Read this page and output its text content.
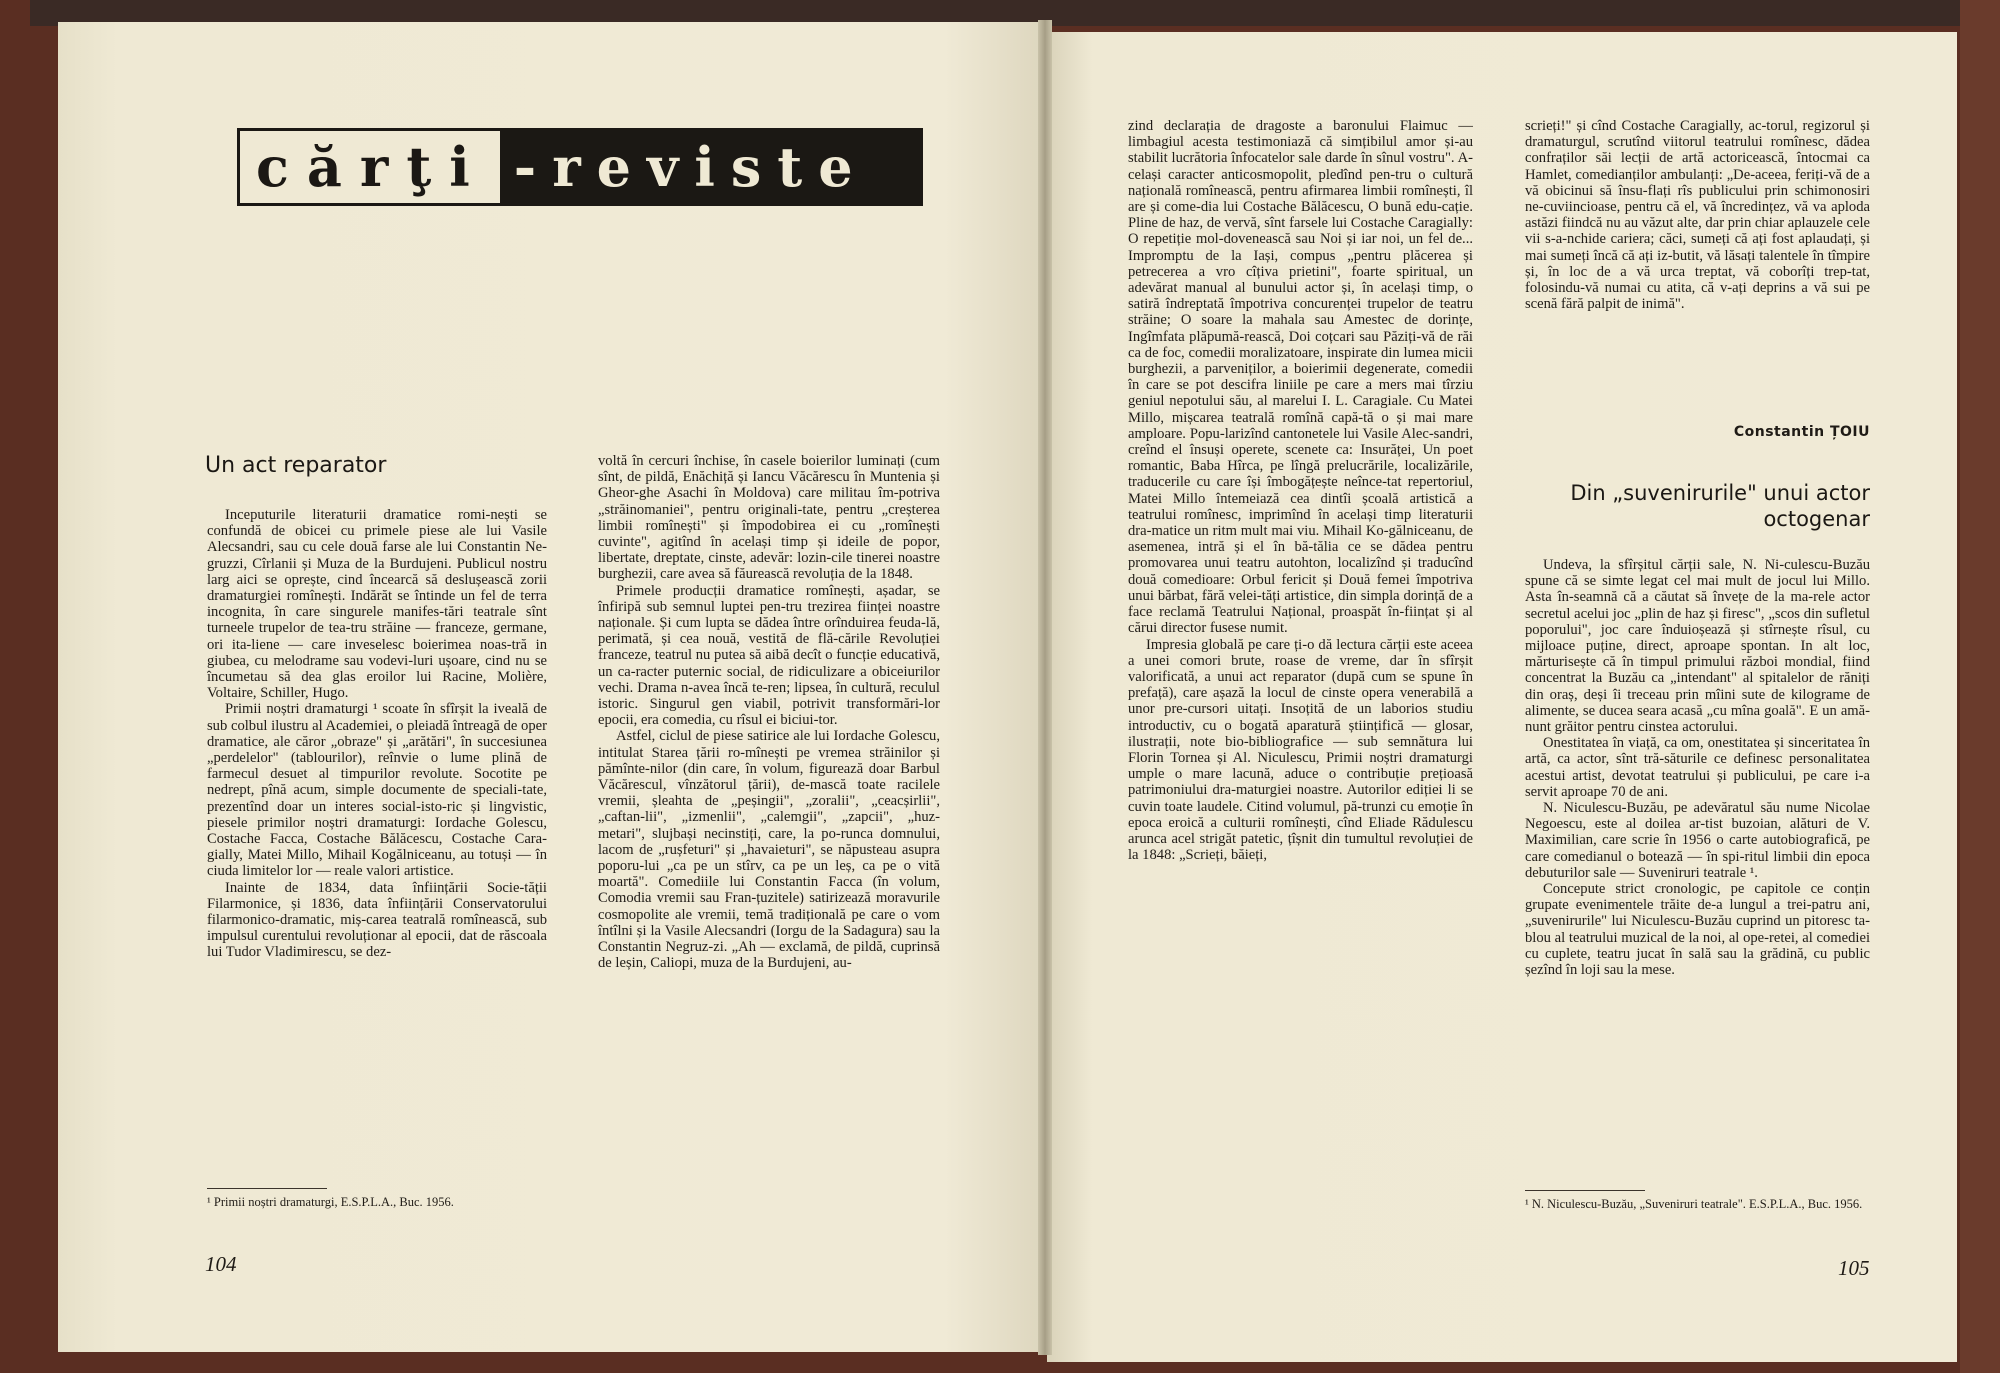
cărţi -reviste
Un act reparator

Inceputurile literaturii dramatice romi-nești se confundă de obicei cu primele piese ale lui Vasile Alecsandri, sau cu cele două farse ale lui Constantin Ne-gruzzi, Cîrlanii și Muza de la Burdujeni. Publicul nostru larg aici se oprește, cind încearcă să deslușească zorii dramaturgiei romînești. Indărăt se întinde un fel de terra incognita, în care singurele manifes-tări teatrale sînt turneele trupelor de tea-tru străine — franceze, germane, ori ita-liene — care inveselesc boierimea noas-tră in giubea, cu melodrame sau vodevi-luri ușoare, cind nu se încumetau să dea glas eroilor lui Racine, Molière, Voltaire, Schiller, Hugo.

Primii noștri dramaturgi ¹ scoate în sfîrșit la iveală de sub colbul ilustru al Academiei, o pleiadă întreagă de oper dramatice, ale căror „obraze" și „arătări", în succesiunea „perdelelor" (tablourilor), reînvie o lume plină de farmecul desuet al timpurilor revolute. Socotite pe nedrept, pînă acum, simple documente de speciali-tate, prezentînd doar un interes social-isto-ric și lingvistic, piesele primilor noștri dramaturgi: Iordache Golescu, Costache Facca, Costache Bălăcescu, Costache Cara-gially, Matei Millo, Mihail Kogălniceanu, au totuși — în ciuda limitelor lor — reale valori artistice.

Inainte de 1834, data înființării Socie-tății Filarmonice, și 1836, data înființării Conservatorului filarmonico-dramatic, miș-carea teatrală romînească, sub impulsul curentului revoluționar al epocii, dat de răscoala lui Tudor Vladimirescu, se dez-

¹ Primii noștri dramaturgi, E.S.P.L.A., Buc. 1956.

voltă în cercuri închise, în casele boierilor luminați (cum sînt, de pildă, Enăchiță și Iancu Văcărescu în Muntenia și Gheor-ghe Asachi în Moldova) care militau îm-potriva „străinomaniei", pentru originali-tate, pentru „creșterea limbii romînești" și împodobirea ei cu „romînești cuvinte", agitînd în același timp și ideile de popor, libertate, dreptate, cinste, adevăr: lozin-cile tinerei noastre burghezii, care avea să făurească revoluția de la 1848.

Primele producții dramatice romînești, așadar, se înfiripă sub semnul luptei pen-tru trezirea ființei noastre naționale. Și cum lupta se dădea între orînduirea feuda-lă, perimată, și cea nouă, vestită de flă-cările Revoluției franceze, teatrul nu putea să aibă decît o funcție educativă, un ca-racter puternic social, de ridiculizare a obiceiurilor vechi. Drama n-avea încă te-ren; lipsea, în cultură, reculul istoric. Singurul gen viabil, potrivit transformări-lor epocii, era comedia, cu rîsul ei biciui-tor.

Astfel, ciclul de piese satirice ale lui Iordache Golescu, intitulat Starea țării ro-mînești pe vremea străinilor și pămînte-nilor (din care, în volum, figurează doar Barbul Văcărescul, vînzătorul țării), de-mască toate racilele vremii, șleahta de „peșingii", „zoralii", „ceacșirlii", „caftan-lii", „izmenlii", „calemgii", „zapcii", „huz-metari", slujbași necinstiți, care, la po-runca domnului, lacom de „rușfeturi" și „havaieturi", se năpusteau asupra poporu-lui „ca pe un stîrv, ca pe un leș, ca pe o vită moartă". Comediile lui Constantin Facca (în volum, Comodia vremii sau Fran-țuzitele) satirizează moravurile cosmopolite ale vremii, temă tradițională pe care o vom întîlni și la Vasile Alecsandri (Iorgu de la Sadagura) sau la Constantin Negruz-zi. „Ah — exclamă, de pildă, cuprinsă de leșin, Caliopi, muza de la Burdujeni, au-

104

zind declarația de dragoste a baronului Flaimuc — limbagiul acesta testimoniază că simțibilul amor și-au stabilit lucrătoria înfocatelor sale darde în sînul vostru". A-celași caracter anticosmopolit, pledînd pen-tru o cultură națională romînească, pentru afirmarea limbii romînești, îl are și come-dia lui Costache Bălăcescu, O bună edu-cație. Pline de haz, de vervă, sînt farsele lui Costache Caragially: O repetiție mol-dovenească sau Noi și iar noi, un fel de... Impromptu de la Iași, compus „pentru plăcerea și petrecerea a vro cîțiva prietini", foarte spiritual, un adevărat manual al bunului actor și, în același timp, o satiră îndreptată împotriva concurenței trupelor de teatru străine; O soare la mahala sau Amestec de dorințe, Ingîmfata plăpumă-rească, Doi coțcari sau Păziți-vă de răi ca de foc, comedii moralizatoare, inspirate din lumea micii burghezii, a parveniților, a boierimii degenerate, comedii în care se pot descifra liniile pe care a mers mai tîrziu geniul nepotului său, al marelui I. L. Caragiale. Cu Matei Millo, mișcarea teatrală romînă capă-tă o și mai mare amploare. Popu-larizînd cantonetele lui Vasile Alec-sandri, creînd el însuși operete, scenete ca: Insurăței, Un poet romantic, Baba Hîrca, pe lîngă prelucrările, localizările, traducerile cu care își îmbogățește neînce-tat repertoriul, Matei Millo întemeiază cea dintîi școală artistică a teatrului romînesc, imprimînd în același timp literaturii dra-matice un ritm mult mai viu. Mihail Ko-gălniceanu, de asemenea, intră și el în bă-tălia ce se dădea pentru promovarea unui teatru autohton, localizînd și traducînd două comedioare: Orbul fericit și Două femei împotriva unui bărbat, fără velei-tăți artistice, din simpla dorință de a face reclamă Teatrului Național, proaspăt în-ființat și al cărui director fusese numit.

Impresia globală pe care ți-o dă lectura cărții este aceea a unei comori brute, roase de vreme, dar în sfîrșit valorificată, a unui act reparator (după cum se spune în prefață), care așază la locul de cinste opera venerabilă a unor pre-cursori uitați. Insoțită de un laborios studiu introductiv, cu o bogată aparatură științifică — glosar, ilustrații, note bio-bibliografice — sub semnătura lui Florin Tornea și Al. Niculescu, Primii noștri dramaturgi umple o mare lacună, aduce o contribuție prețioasă patrimoniului dra-maturgiei noastre. Autorilor ediției li se cuvin toate laudele. Citind volumul, pă-trunzi cu emoție în epoca eroică a culturii romînești, cînd Eliade Rădulescu arunca acel strigăt patetic, țîșnit din tumultul revoluției de la 1848: „Scrieți, băieți,

scrieți!" și cînd Costache Caragially, ac-torul, regizorul și dramaturgul, scrutînd viitorul teatrului romînesc, dădea confraților săi lecții de artă actoricească, întocmai ca Hamlet, comedianților ambulanți: „De-aceea, feriți-vă de a vă obicinui să însu-flați rîs publicului prin schimonosiri ne-cuviincioase, pentru că el, vă încredințez, vă va aploda astăzi fiindcă nu au văzut alte, dar prin chiar aplauzele cele vii s-a-nchide cariera; căci, sumeți că ați fost aplaudați, și mai sumeți încă că ați iz-butit, vă lăsați talentele în tîmpire și, în loc de a vă urca treptat, vă coborîți trep-tat, folosindu-vă numai cu atita, că v-ați deprins a vă sui pe scenă fără palpit de inimă".

Constantin ȚOIU
Din „suvenirurile" unui actor
octogenar

Undeva, la sfîrșitul cărții sale, N. Ni-culescu-Buzău spune că se simte legat cel mai mult de jocul lui Millo. Asta în-seamnă că a căutat să învețe de la ma-rele actor secretul acelui joc „plin de haz și firesc", „scos din sufletul poporului", joc care înduioșează și stîrnește rîsul, cu mijloace puține, direct, aproape spontan. In alt loc, mărturisește că în timpul primului război mondial, fiind concentrat la Buzău ca „intendant" al spitalelor de răniți din oraș, deși îi treceau prin mîini sute de kilograme de alimente, se ducea seara acasă „cu mîna goală". E un amă-nunt grăitor pentru cinstea actorului.

Onestitatea în viață, ca om, onestitatea și sinceritatea în artă, ca actor, sînt tră-săturile ce definesc personalitatea acestui artist, devotat teatrului și publicului, pe care i-a servit aproape 70 de ani.

N. Niculescu-Buzău, pe adevăratul său nume Nicolae Negoescu, este al doilea ar-tist buzoian, alături de V. Maximilian, care scrie în 1956 o carte autobiografică, pe care comedianul o botează — în spi-ritul limbii din epoca debuturilor sale — Suveniruri teatrale ¹.

Concepute strict cronologic, pe capitole ce conțin grupate evenimentele trăite de-a lungul a trei-patru ani, „suvenirurile" lui Niculescu-Buzău cuprind un pitoresc ta-blou al teatrului muzical de la noi, al ope-retei, al comediei cu cuplete, teatru jucat în sală sau la grădină, cu public șezînd în loji sau la mese.

¹ N. Niculescu-Buzău, „Suveniruri teatrale". E.S.P.L.A., Buc. 1956.
105
